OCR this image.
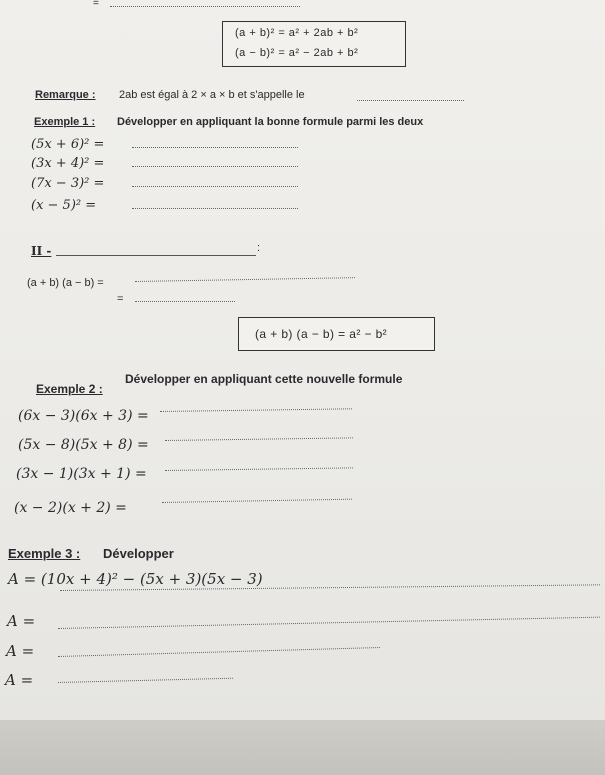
=
(a + b)² = a² + 2ab + b²
(a − b)² = a² − 2ab + b²
Remarque : 2ab est égal à 2 × a × b et s'appelle le
Exemple 1 : Développer en appliquant la bonne formule parmi les deux
(5x + 6)² =
(3x + 4)² =
(7x − 3)² =
(x − 5)² =
II -	:
(a + b) (a − b) =
=
(a + b) (a − b) = a² − b²
Exemple 2 :
Développer en appliquant cette nouvelle formule
(6x − 3)(6x + 3) =
(5x − 8)(5x + 8) =
(3x − 1)(3x + 1) =
(x − 2)(x + 2) =
Exemple 3 : Développer
A = (10x + 4)² − (5x + 3)(5x − 3)
A =
A =
A =
